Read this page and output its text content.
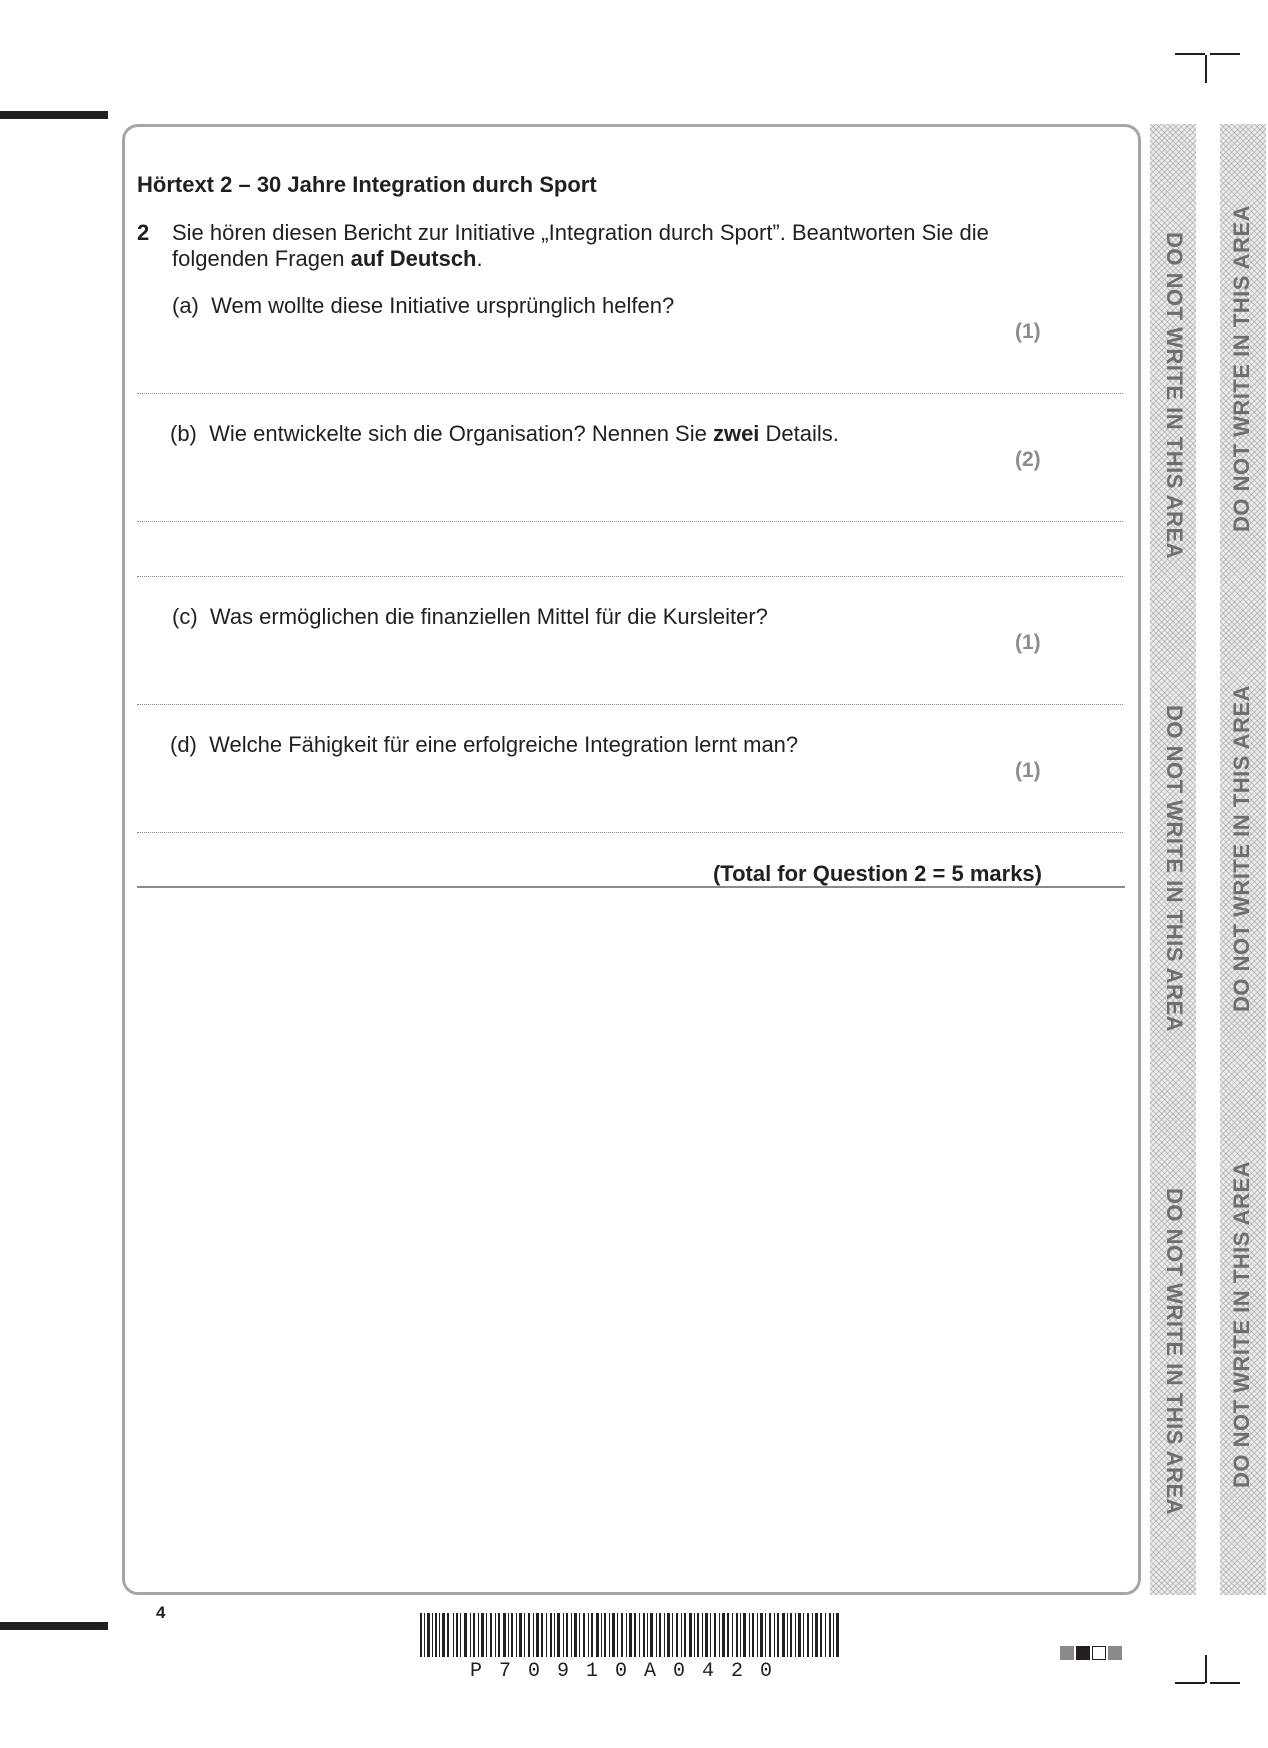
DO NOT WRITE IN THIS AREA
DO NOT WRITE IN THIS AREA
DO NOT WRITE IN THIS AREA
DO NOT WRITE IN THIS AREA
DO NOT WRITE IN THIS AREA
DO NOT WRITE IN THIS AREA
Hörtext 2 – 30 Jahre Integration durch Sport
2 Sie hören diesen Bericht zur Initiative „Integration durch Sport”. Beantworten Sie die
folgenden Fragen auf Deutsch.
(a) Wem wollte diese Initiative ursprünglich helfen?
(1)
(b) Wie entwickelte sich die Organisation? Nennen Sie zwei Details.
(2)
(c) Was ermöglichen die finanziellen Mittel für die Kursleiter?
(1)
(d) Welche Fähigkeit für eine erfolgreiche Integration lernt man?
(1)
(Total for Question 2 = 5 marks)
4
P70910A0420
